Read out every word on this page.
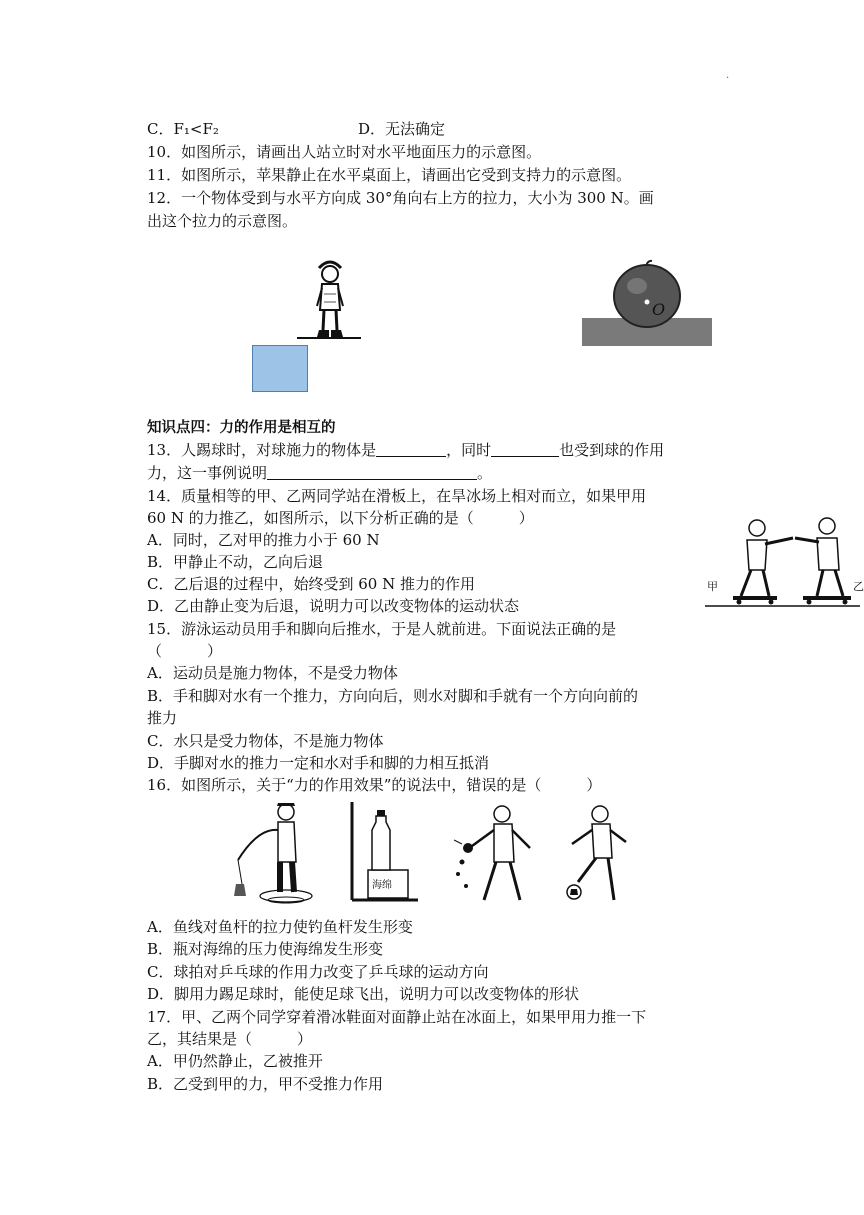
.
C．F₁<F₂	D．无法确定
10．如图所示，请画出人站立时对水平地面压力的示意图。
11．如图所示，苹果静止在水平桌面上，请画出它受到支持力的示意图。
12．一个物体受到与水平方向成 30°角向右上方的拉力，大小为 300 N。画
出这个拉力的示意图。
O
知识点四：力的作用是相互的
13．人踢球时，对球施力的物体是	，同时	也受到球的作用
力，这一事例说明	。
14．质量相等的甲、乙两同学站在滑板上，在旱冰场上相对而立，如果甲用
60 N 的力推乙，如图所示，以下分析正确的是（　　　）
A．同时，乙对甲的推力小于 60 N
B．甲静止不动，乙向后退
C．乙后退的过程中，始终受到 60 N 推力的作用
D．乙由静止变为后退，说明力可以改变物体的运动状态
甲	乙
15．游泳运动员用手和脚向后推水，于是人就前进。下面说法正确的是
（　　　）
A．运动员是施力物体，不是受力物体
B．手和脚对水有一个推力，方向向后，则水对脚和手就有一个方向向前的
推力
C．水只是受力物体，不是施力物体
D．手脚对水的推力一定和水对手和脚的力相互抵消
16．如图所示，关于“力的作用效果”的说法中，错误的是（　　　）
海绵
A．鱼线对鱼杆的拉力使钓鱼杆发生形变
B．瓶对海绵的压力使海绵发生形变
C．球拍对乒乓球的作用力改变了乒乓球的运动方向
D．脚用力踢足球时，能使足球飞出，说明力可以改变物体的形状
17．甲、乙两个同学穿着滑冰鞋面对面静止站在冰面上，如果甲用力推一下
乙，其结果是（　　　）
A．甲仍然静止，乙被推开
B．乙受到甲的力，甲不受推力作用
